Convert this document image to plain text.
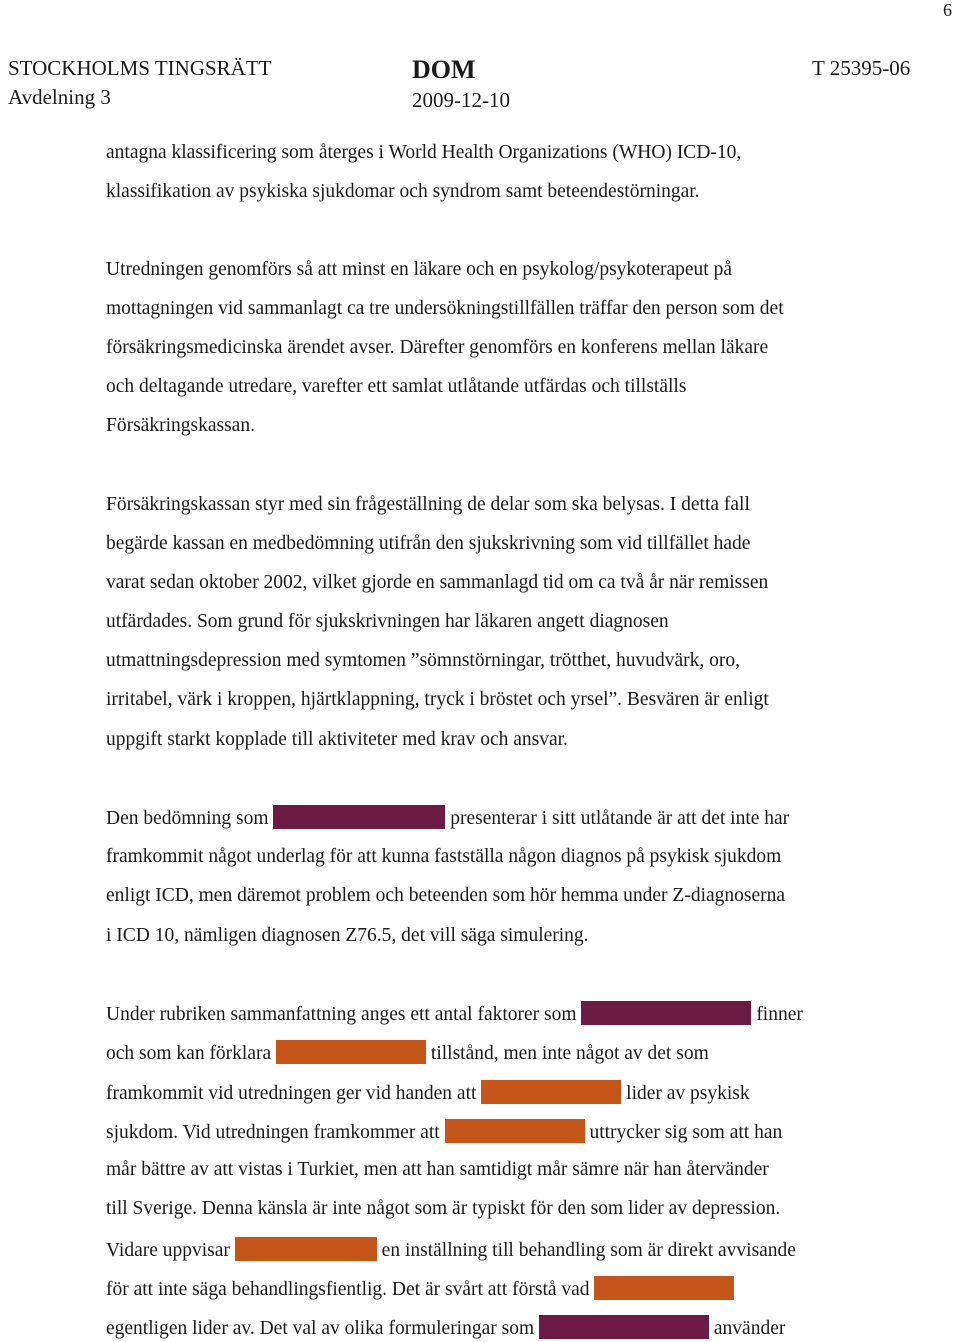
6
STOCKHOLMS TINGSRÄTT
Avdelning 3
DOM
2009-12-10
T 25395-06
antagna klassificering som återges i World Health Organizations (WHO) ICD-10,
klassifikation av psykiska sjukdomar och syndrom samt beteendestörningar.
Utredningen genomförs så att minst en läkare och en psykolog/psykoterapeut på
mottagningen vid sammanlagt ca tre undersökningstillfällen träffar den person som det
försäkringsmedicinska ärendet avser. Därefter genomförs en konferens mellan läkare
och deltagande utredare, varefter ett samlat utlåtande utfärdas och tillställs
Försäkringskassan.
Försäkringskassan styr med sin frågeställning de delar som ska belysas. I detta fall
begärde kassan en medbedömning utifrån den sjukskrivning som vid tillfället hade
varat sedan oktober 2002, vilket gjorde en sammanlagd tid om ca två år när remissen
utfärdades. Som grund för sjukskrivningen har läkaren angett diagnosen
utmattningsdepression med symtomen ”sömnstörningar, trötthet, huvudvärk, oro,
irritabel, värk i kroppen, hjärtklappning, tryck i bröstet och yrsel”. Besvären är enligt
uppgift starkt kopplade till aktiviteter med krav och ansvar.
Den bedömning som	presenterar i sitt utlåtande är att det inte har
framkommit något underlag för att kunna fastställa någon diagnos på psykisk sjukdom
enligt ICD, men däremot problem och beteenden som hör hemma under Z-diagnoserna
i ICD 10, nämligen diagnosen Z76.5, det vill säga simulering.
Under rubriken sammanfattning anges ett antal faktorer som	finner
och som kan förklara	tillstånd, men inte något av det som
framkommit vid utredningen ger vid handen att	lider av psykisk
sjukdom. Vid utredningen framkommer att	uttrycker sig som att han
mår bättre av att vistas i Turkiet, men att han samtidigt mår sämre när han återvänder
till Sverige. Denna känsla är inte något som är typiskt för den som lider av depression.
Vidare uppvisar	en inställning till behandling som är direkt avvisande
för att inte säga behandlingsfientlig. Det är svårt att förstå vad
egentligen lider av. Det val av olika formuleringar som	använder
